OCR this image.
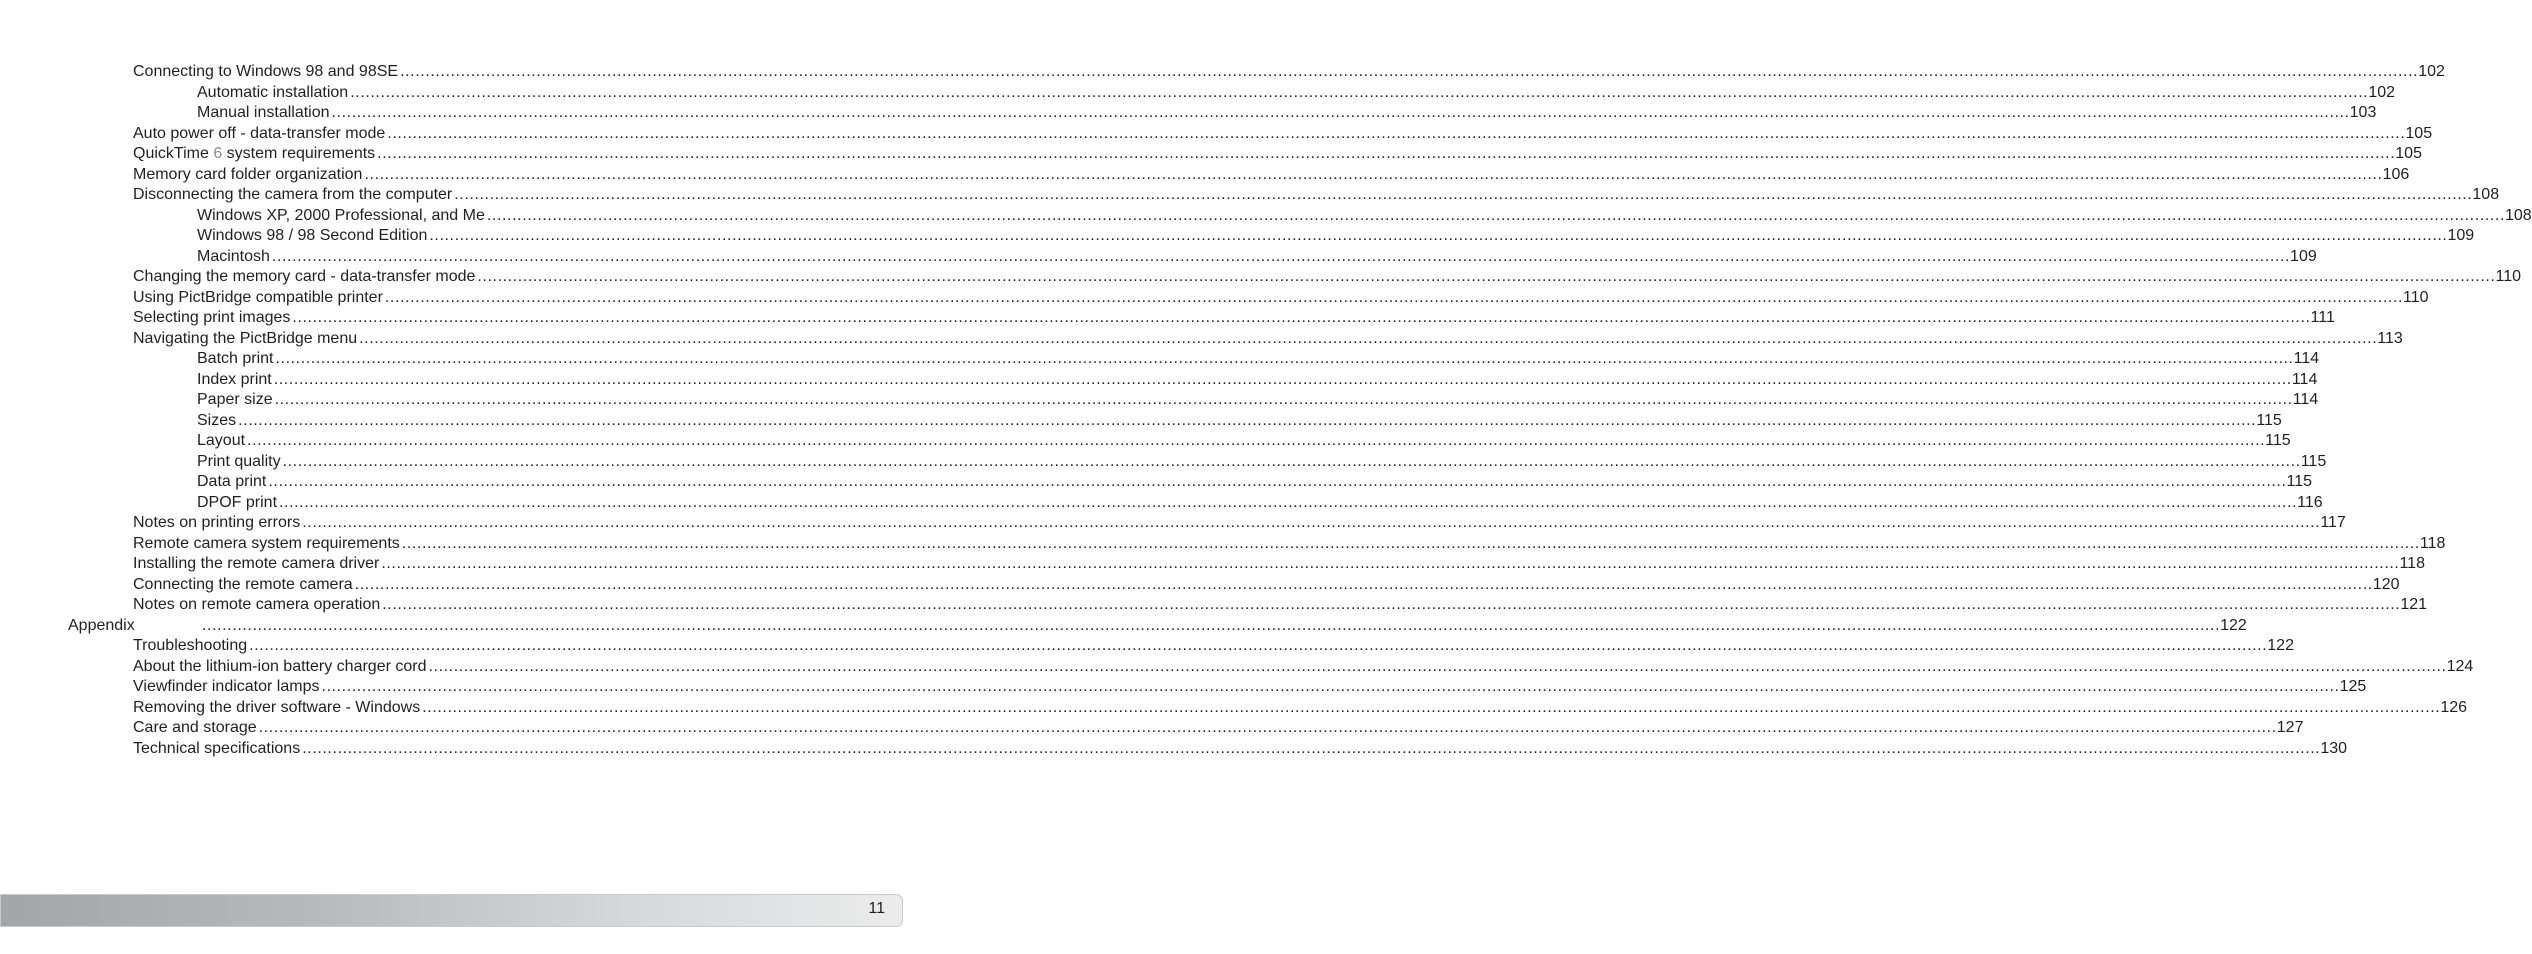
Connecting to Windows 98 and 98SE ................................................................................................................................................................................................................................................................................................................................................................................................................ 102
Automatic installation ................................................................................................................................................................................................................................................................................................................................................................................................................ 102
Manual installation ................................................................................................................................................................................................................................................................................................................................................................................................................ 103
Auto power off - data-transfer mode ................................................................................................................................................................................................................................................................................................................................................................................................................ 105
QuickTime 6 system requirements ................................................................................................................................................................................................................................................................................................................................................................................................................ 105
Memory card folder organization ................................................................................................................................................................................................................................................................................................................................................................................................................ 106
Disconnecting the camera from the computer ................................................................................................................................................................................................................................................................................................................................................................................................................ 108
Windows XP, 2000 Professional, and Me ................................................................................................................................................................................................................................................................................................................................................................................................................ 108
Windows 98 / 98 Second Edition ................................................................................................................................................................................................................................................................................................................................................................................................................ 109
Macintosh ................................................................................................................................................................................................................................................................................................................................................................................................................ 109
Changing the memory card - data-transfer mode ................................................................................................................................................................................................................................................................................................................................................................................................................ 110
Using PictBridge compatible printer ................................................................................................................................................................................................................................................................................................................................................................................................................ 110
Selecting print images ................................................................................................................................................................................................................................................................................................................................................................................................................ 111
Navigating the PictBridge menu ................................................................................................................................................................................................................................................................................................................................................................................................................ 113
Batch print ................................................................................................................................................................................................................................................................................................................................................................................................................ 114
Index print ................................................................................................................................................................................................................................................................................................................................................................................................................ 114
Paper size ................................................................................................................................................................................................................................................................................................................................................................................................................ 114
Sizes ................................................................................................................................................................................................................................................................................................................................................................................................................ 115
Layout ................................................................................................................................................................................................................................................................................................................................................................................................................ 115
Print quality ................................................................................................................................................................................................................................................................................................................................................................................................................ 115
Data print ................................................................................................................................................................................................................................................................................................................................................................................................................ 115
DPOF print ................................................................................................................................................................................................................................................................................................................................................................................................................ 116
Notes on printing errors ................................................................................................................................................................................................................................................................................................................................................................................................................ 117
Remote camera system requirements ................................................................................................................................................................................................................................................................................................................................................................................................................ 118
Installing the remote camera driver ................................................................................................................................................................................................................................................................................................................................................................................................................ 118
Connecting the remote camera ................................................................................................................................................................................................................................................................................................................................................................................................................ 120
Notes on remote camera operation ................................................................................................................................................................................................................................................................................................................................................................................................................ 121
Appendix	................................................................................................................................................................................................................................................................................................................................................................................................................ 122
Troubleshooting ................................................................................................................................................................................................................................................................................................................................................................................................................ 122
About the lithium-ion battery charger cord ................................................................................................................................................................................................................................................................................................................................................................................................................ 124
Viewfinder indicator lamps ................................................................................................................................................................................................................................................................................................................................................................................................................ 125
Removing the driver software - Windows ................................................................................................................................................................................................................................................................................................................................................................................................................ 126
Care and storage ................................................................................................................................................................................................................................................................................................................................................................................................................ 127
Technical specifications ................................................................................................................................................................................................................................................................................................................................................................................................................ 130
11
